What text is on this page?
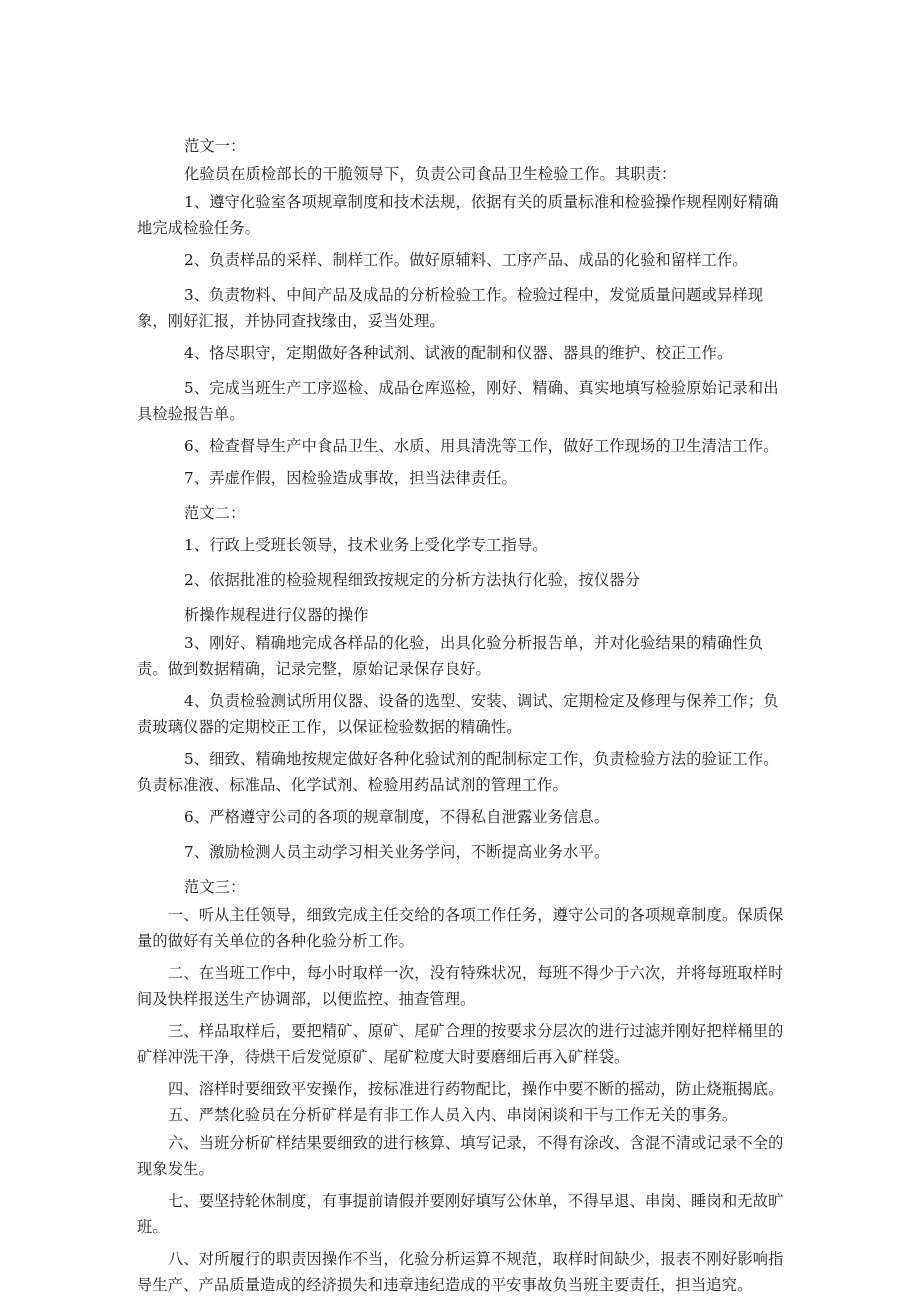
范文一：

化验员在质检部长的干脆领导下，负责公司食品卫生检验工作。其职责：

1、遵守化验室各项规章制度和技术法规，依据有关的质量标准和检验操作规程刚好精确地完成检验任务。

2、负责样品的采样、制样工作。做好原辅料、工序产品、成品的化验和留样工作。

3、负责物料、中间产品及成品的分析检验工作。检验过程中，发觉质量问题或异样现象，刚好汇报，并协同查找缘由，妥当处理。

4、恪尽职守，定期做好各种试剂、试液的配制和仪器、器具的维护、校正工作。

5、完成当班生产工序巡检、成品仓库巡检，刚好、精确、真实地填写检验原始记录和出具检验报告单。

6、检查督导生产中食品卫生、水质、用具清洗等工作，做好工作现场的卫生清洁工作。

7、弄虚作假，因检验造成事故，担当法律责任。

范文二：

1、行政上受班长领导，技术业务上受化学专工指导。

2、依据批准的检验规程细致按规定的分析方法执行化验，按仪器分

析操作规程进行仪器的操作

3、刚好、精确地完成各样品的化验，出具化验分析报告单，并对化验结果的精确性负责。做到数据精确，记录完整，原始记录保存良好。

4、负责检验测试所用仪器、设备的选型、安装、调试、定期检定及修理与保养工作；负责玻璃仪器的定期校正工作，以保证检验数据的精确性。

5、细致、精确地按规定做好各种化验试剂的配制标定工作，负责检验方法的验证工作。负责标准液、标准品、化学试剂、检验用药品试剂的管理工作。

6、严格遵守公司的各项的规章制度，不得私自泄露业务信息。

7、激励检测人员主动学习相关业务学问，不断提高业务水平。

范文三：

一、听从主任领导，细致完成主任交给的各项工作任务，遵守公司的各项规章制度。保质保量的做好有关单位的各种化验分析工作。

二、在当班工作中，每小时取样一次，没有特殊状况，每班不得少于六次，并将每班取样时间及快样报送生产协调部，以便监控、抽查管理。

三、样品取样后，要把精矿、原矿、尾矿合理的按要求分层次的进行过滤并刚好把样桶里的矿样冲洗干净，待烘干后发觉原矿、尾矿粒度大时要磨细后再入矿样袋。

四、溶样时要细致平安操作，按标准进行药物配比，操作中要不断的摇动，防止烧瓶揭底。

五、严禁化验员在分析矿样是有非工作人员入内、串岗闲谈和干与工作无关的事务。

六、当班分析矿样结果要细致的进行核算、填写记录，不得有涂改、含混不清或记录不全的现象发生。

七、要坚持轮休制度，有事提前请假并要刚好填写公休单，不得早退、串岗、睡岗和无故旷班。

八、对所履行的职责因操作不当，化验分析运算不规范，取样时间缺少，报表不刚好影响指导生产、产品质量造成的经济损失和违章违纪造成的平安事故负当班主要责任，担当追究。
